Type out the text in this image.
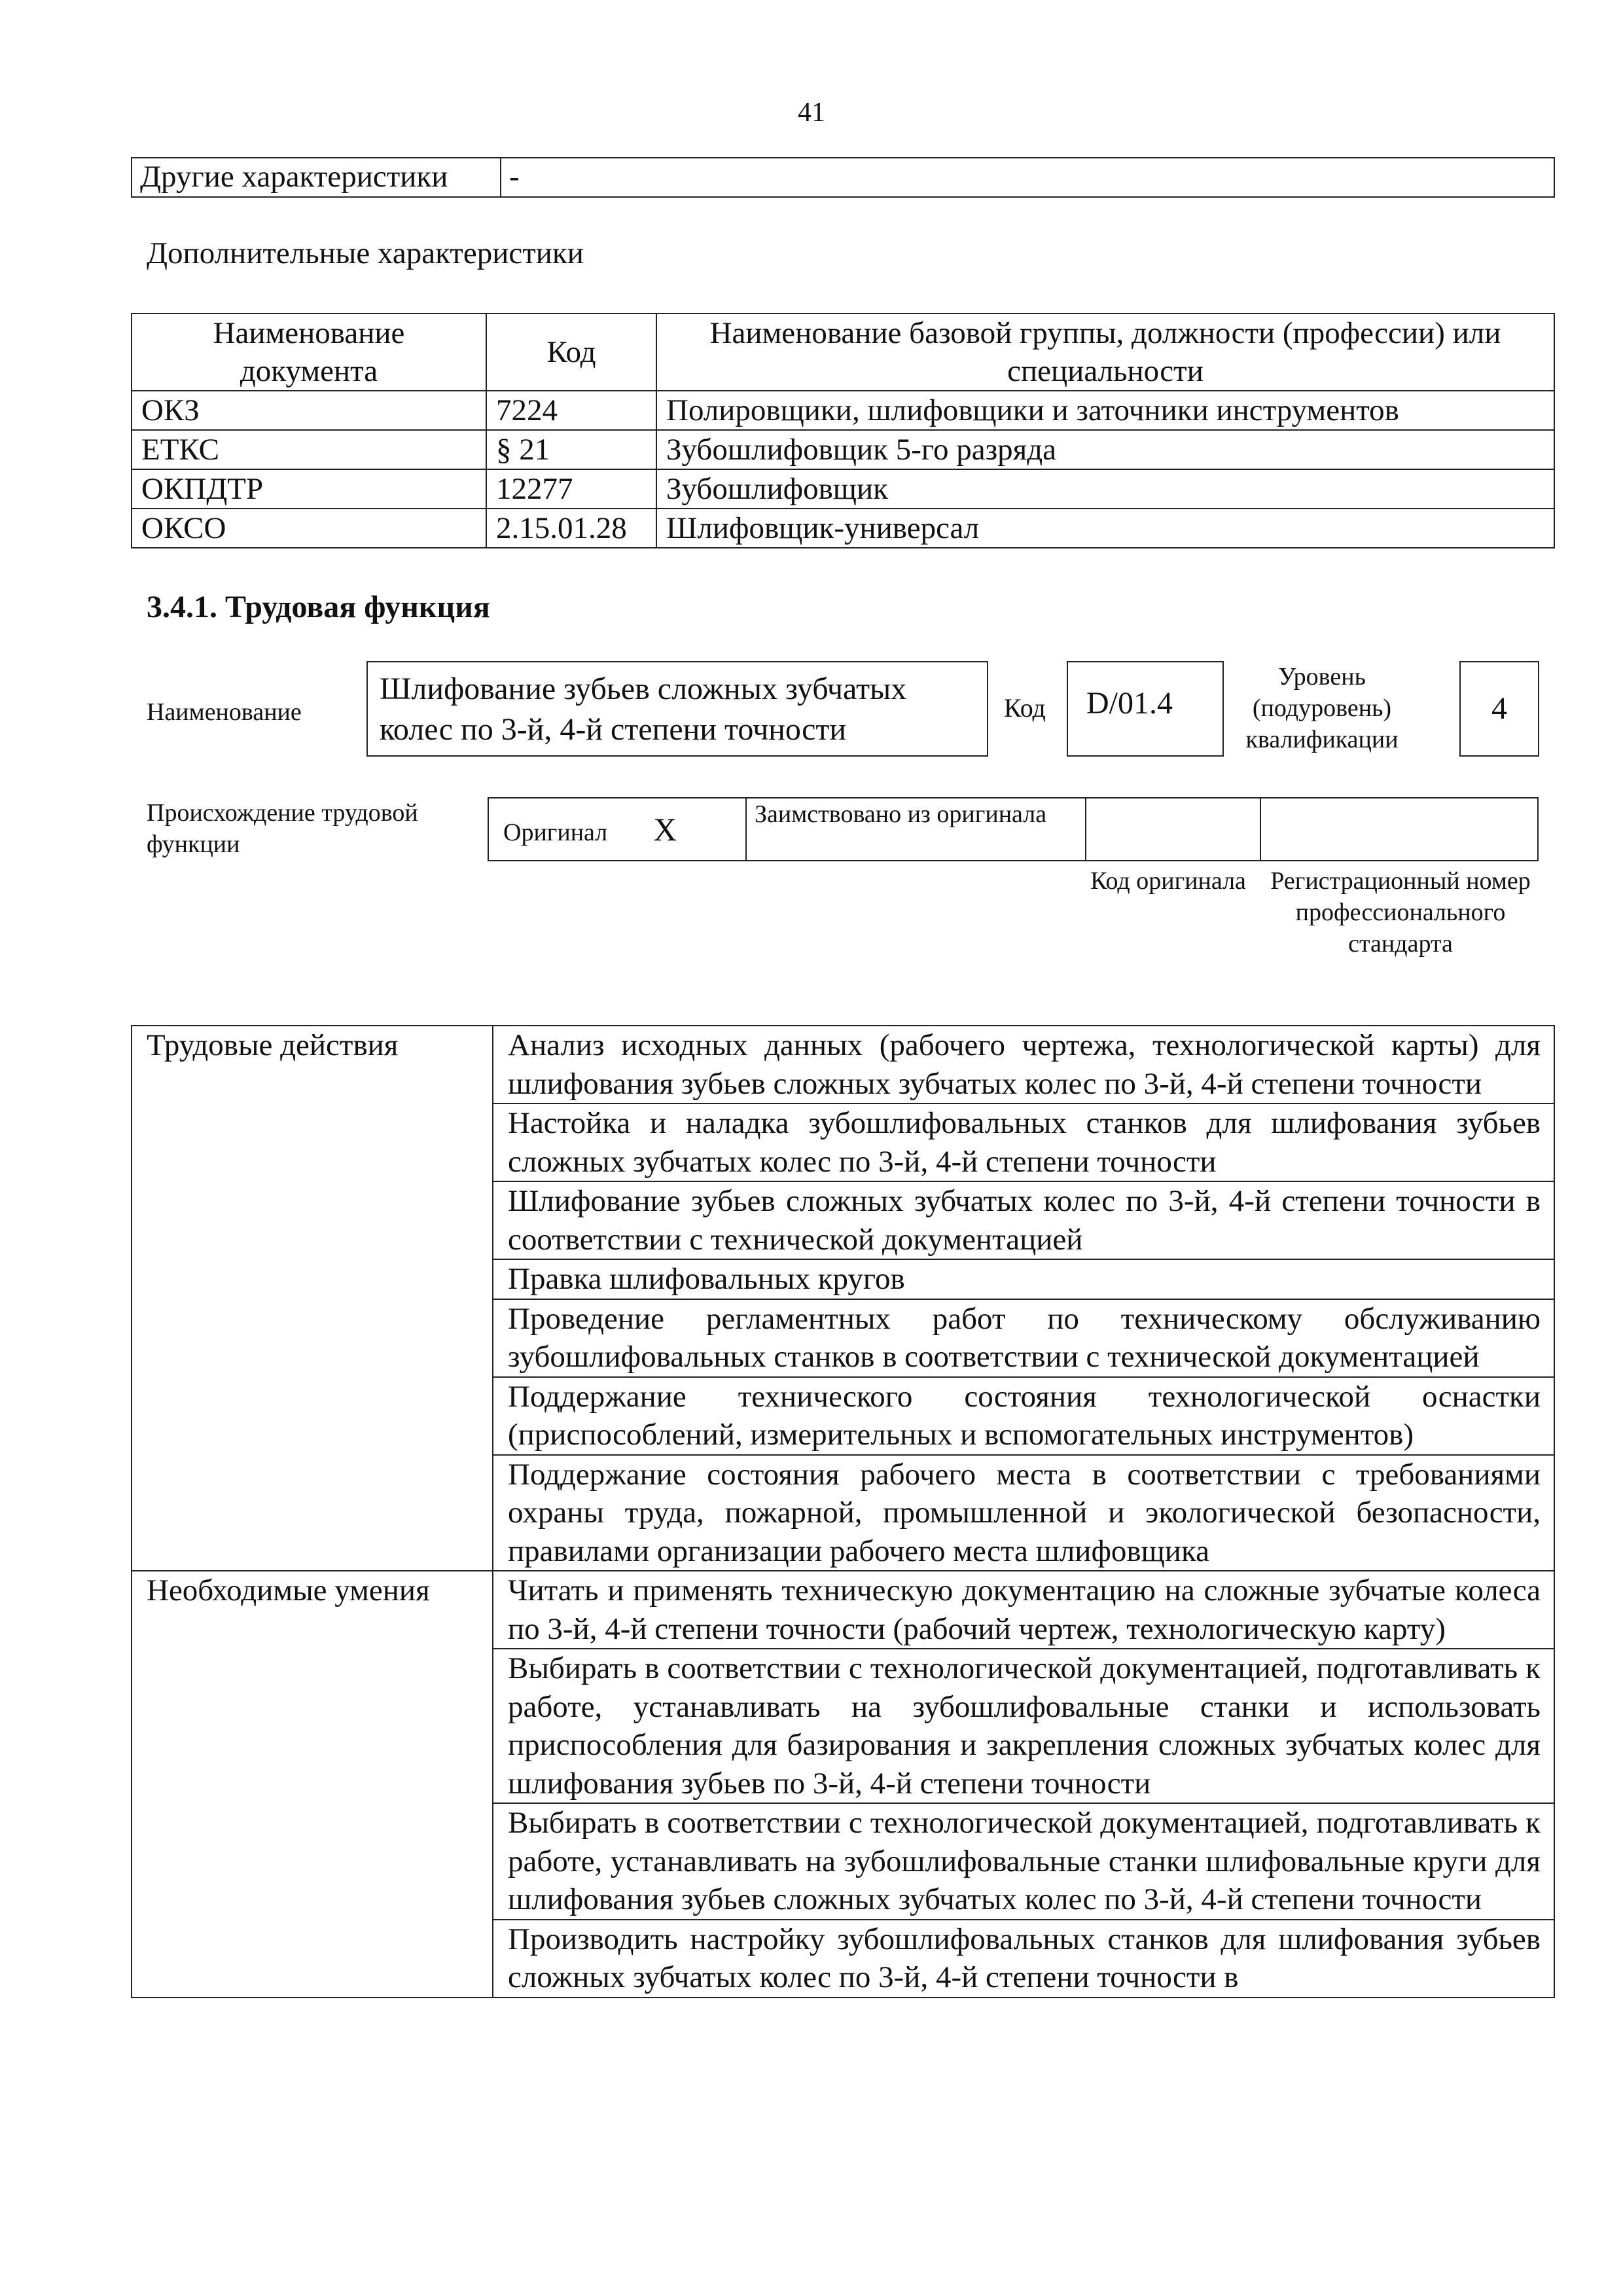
41
Другие характеристики	-
Дополнительные характеристики
Наименование документа	Код	Наименование базовой группы, должности (профессии) или специальности
ОКЗ	7224	Полировщики, шлифовщики и заточники инструментов
ЕТКС	§ 21	Зубошлифовщик 5-го разряда
ОКПДТР	12277	Зубошлифовщик
ОКСО	2.15.01.28	Шлифовщик-универсал
3.4.1. Трудовая функция
Наименование
Шлифование зубьев сложных зубчатых колес по 3-й, 4-й степени точности
Код	D/01.4
Уровень (подуровень) квалификации
4
Происхождение трудовой функции	Оригинал X	Заимствовано из оригинала		
Код оригинала Регистрационный номер профессионального стандарта
Трудовые действия	Анализ исходных данных (рабочего чертежа, технологической карты) для шлифования зубьев сложных зубчатых колес по 3-й, 4-й степени точности
	Настойка и наладка зубошлифовальных станков для шлифования зубьев сложных зубчатых колес по 3-й, 4-й степени точности
	Шлифование зубьев сложных зубчатых колес по 3-й, 4-й степени точности в соответствии с технической документацией
	Правка шлифовальных кругов
	Проведение регламентных работ по техническому обслуживанию зубошлифовальных станков в соответствии с технической документацией
	Поддержание технического состояния технологической оснастки (приспособлений, измерительных и вспомогательных инструментов)
	Поддержание состояния рабочего места в соответствии с требованиями охраны труда, пожарной, промышленной и экологической безопасности, правилами организации рабочего места шлифовщика
Необходимые умения	Читать и применять техническую документацию на сложные зубчатые колеса по 3-й, 4-й степени точности (рабочий чертеж, технологическую карту)
	Выбирать в соответствии с технологической документацией, подготавливать к работе, устанавливать на зубошлифовальные станки и использовать приспособления для базирования и закрепления сложных зубчатых колес для шлифования зубьев по 3-й, 4-й степени точности
	Выбирать в соответствии с технологической документацией, подготавливать к работе, устанавливать на зубошлифовальные станки шлифовальные круги для шлифования зубьев сложных зубчатых колес по 3-й, 4-й степени точности
	Производить настройку зубошлифовальных станков для шлифования зубьев сложных зубчатых колес по 3-й, 4-й степени точности в
